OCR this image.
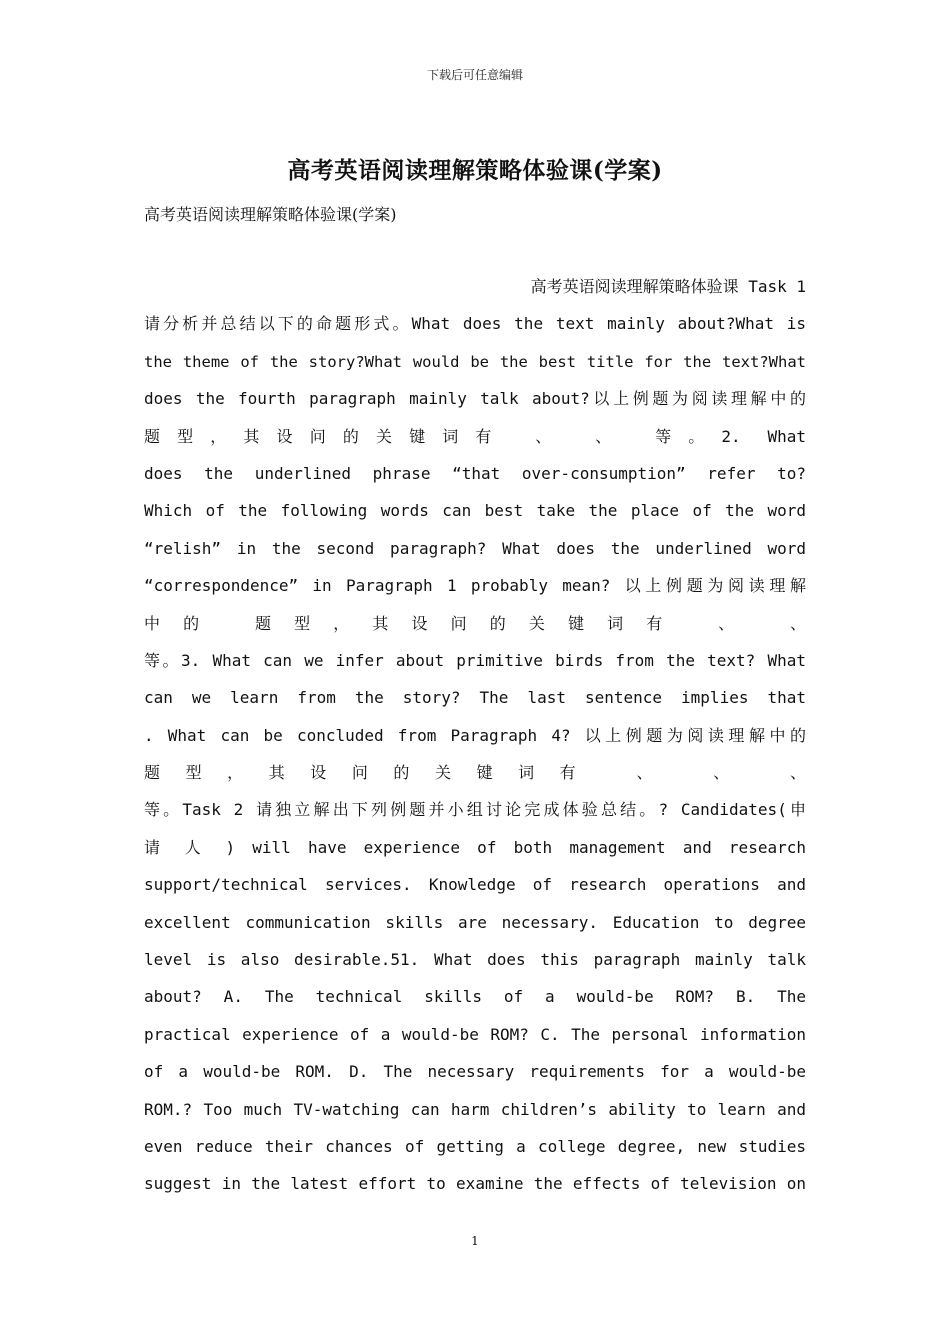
下载后可任意编辑
高考英语阅读理解策略体验课(学案)
高考英语阅读理解策略体验课(学案)
高考英语阅读理解策略体验课 Task 1
请分析并总结以下的命题形式。What does the text mainly about?What is
the theme of the story?What would be the best title for the text?What
does the fourth paragraph mainly talk about?以上例题为阅读理解中的
题型，其设问的关键词有 、 、 等。2. What
does the underlined phrase “that over-consumption” refer to?
Which of the following words can best take the place of the word
“relish” in the second paragraph? What does the underlined word
“correspondence” in Paragraph 1 probably mean? 以上例题为阅读理解
中的 题型，其设问的关键词有 、 、
等。3. What can we infer about primitive birds from the text? What
can we learn from the story? The last sentence implies that
. What can be concluded from Paragraph 4? 以上例题为阅读理解中的
题型，其设问的关键词有 、 、 、
等。Task 2 请独立解出下列例题并小组讨论完成体验总结。? Candidates(申
请 人 ) will have experience of both management and research
support/technical services. Knowledge of research operations and
excellent communication skills are necessary. Education to degree
level is also desirable.51. What does this paragraph mainly talk
about? A. The technical skills of a would-be ROM? B. The
practical experience of a would-be ROM? C. The personal information
of a would-be ROM. D. The necessary requirements for a would-be
ROM.? Too much TV-watching can harm children’s ability to learn and
even reduce their chances of getting a college degree, new studies
suggest in the latest effort to examine the effects of television on
1
